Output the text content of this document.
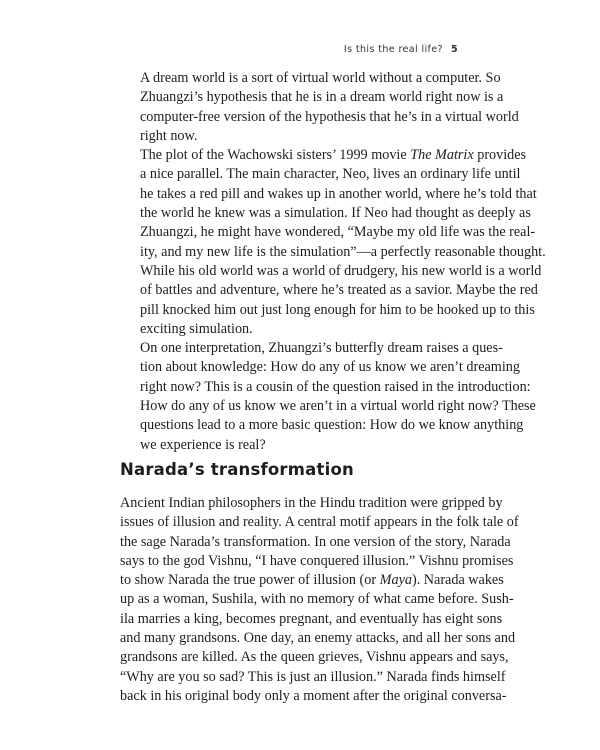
Is this the real life? 5

A dream world is a sort of virtual world without a computer. So
Zhuangzi’s hypothesis that he is in a dream world right now is a
computer-free version of the hypothesis that he’s in a virtual world
right now.

The plot of the Wachowski sisters’ 1999 movie The Matrix provides
a nice parallel. The main character, Neo, lives an ordinary life until
he takes a red pill and wakes up in another world, where he’s told that
the world he knew was a simulation. If Neo had thought as deeply as
Zhuangzi, he might have wondered, “Maybe my old life was the real-
ity, and my new life is the simulation”—a perfectly reasonable thought.
While his old world was a world of drudgery, his new world is a world
of battles and adventure, where he’s treated as a savior. Maybe the red
pill knocked him out just long enough for him to be hooked up to this
exciting simulation.

On one interpretation, Zhuangzi’s butterfly dream raises a ques-
tion about knowledge: How do any of us know we aren’t dreaming
right now? This is a cousin of the question raised in the introduction:
How do any of us know we aren’t in a virtual world right now? These
questions lead to a more basic question: How do we know anything
we experience is real?

Narada’s transformation

Ancient Indian philosophers in the Hindu tradition were gripped by
issues of illusion and reality. A central motif appears in the folk tale of
the sage Narada’s transformation. In one version of the story, Narada
says to the god Vishnu, “I have conquered illusion.” Vishnu promises
to show Narada the true power of illusion (or Maya). Narada wakes
up as a woman, Sushila, with no memory of what came before. Sush-
ila marries a king, becomes pregnant, and eventually has eight sons
and many grandsons. One day, an enemy attacks, and all her sons and
grandsons are killed. As the queen grieves, Vishnu appears and says,
“Why are you so sad? This is just an illusion.” Narada finds himself
back in his original body only a moment after the original conversa-
